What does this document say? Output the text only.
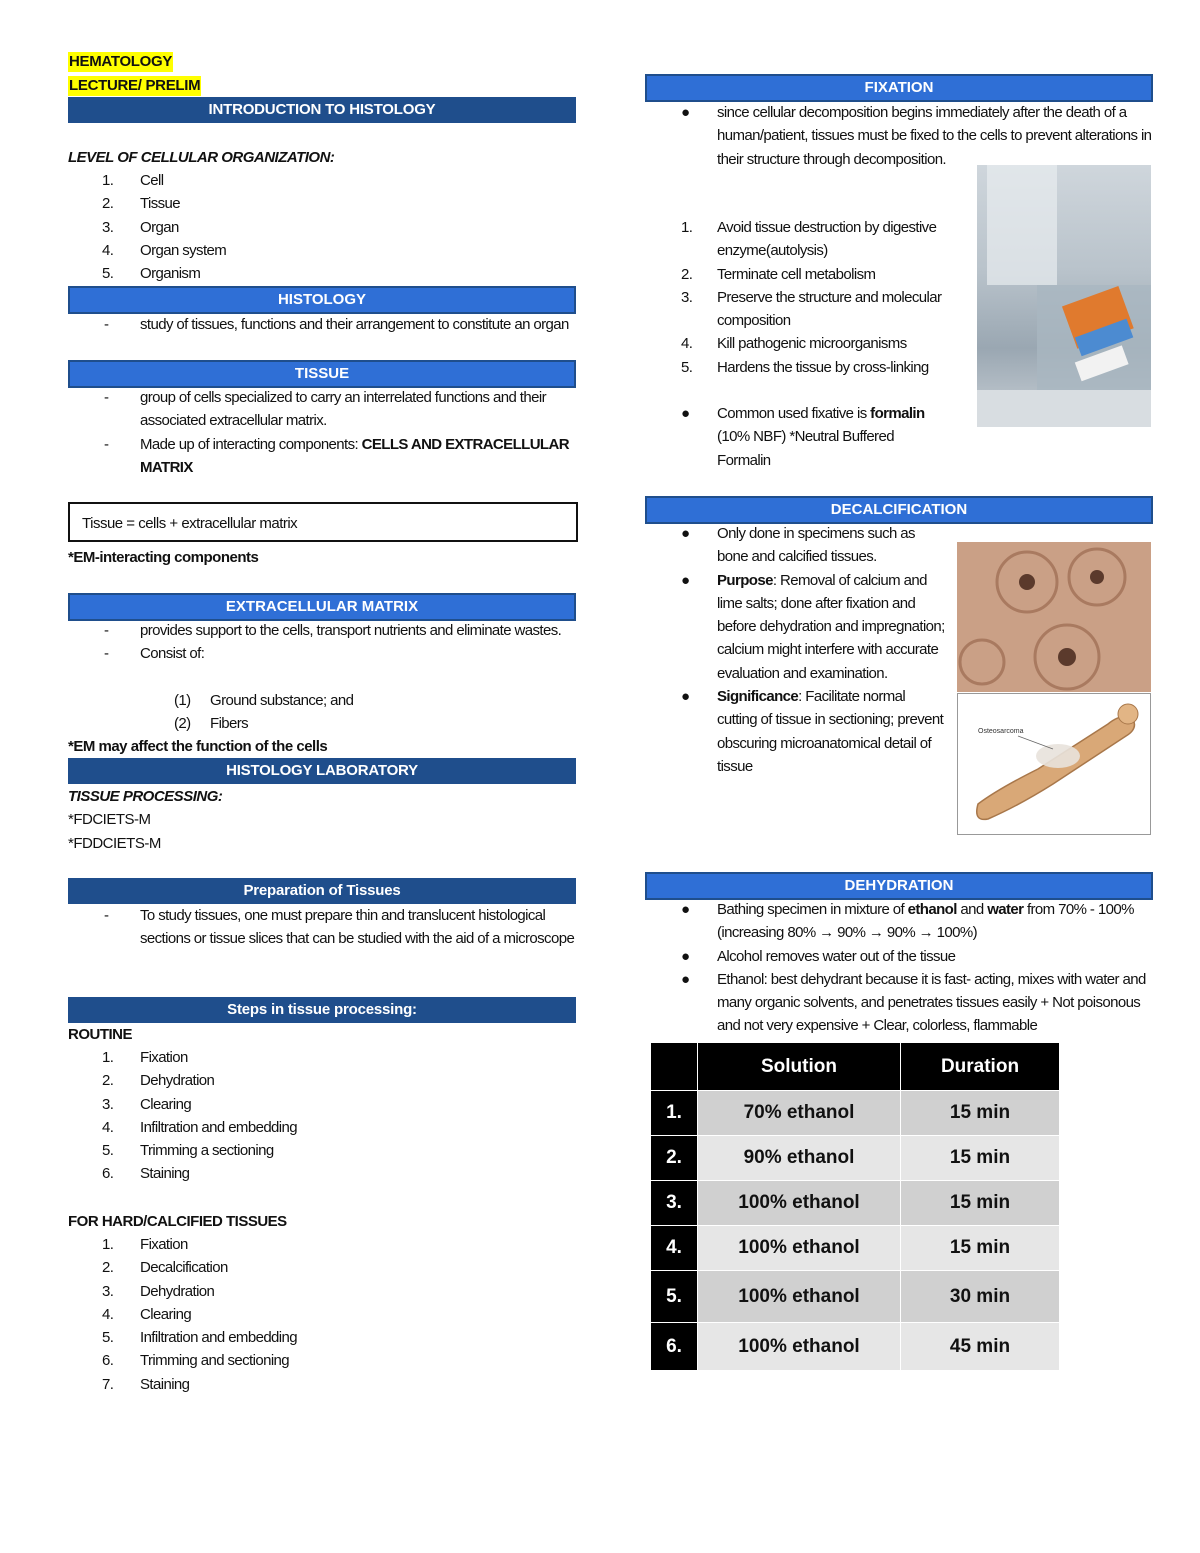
HEMATOLOGY
LECTURE/ PRELIM
INTRODUCTION TO HISTOLOGY
LEVEL OF CELLULAR ORGANIZATION:
1. Cell
2. Tissue
3. Organ
4. Organ system
5. Organism
HISTOLOGY
- study of tissues, functions and their arrangement to constitute an organ
TISSUE
- group of cells specialized to carry an interrelated functions and their associated extracellular matrix.
- Made up of interacting components: CELLS AND EXTRACELLULAR MATRIX
Tissue = cells + extracellular matrix
*EM-interacting components
EXTRACELLULAR MATRIX
- provides support to the cells, transport nutrients and eliminate wastes.
- Consist of:
(1) Ground substance; and
(2) Fibers
*EM may affect the function of the cells
HISTOLOGY LABORATORY
TISSUE PROCESSING:
*FDCIETS-M
*FDDCIETS-M
Preparation of Tissues
- To study tissues, one must prepare thin and translucent histological sections or tissue slices that can be studied with the aid of a microscope
Steps in tissue processing:
ROUTINE
1. Fixation
2. Dehydration
3. Clearing
4. Infiltration and embedding
5. Trimming a sectioning
6. Staining
FOR HARD/CALCIFIED TISSUES
1. Fixation
2. Decalcification
3. Dehydration
4. Clearing
5. Infiltration and embedding
6. Trimming and sectioning
7. Staining
FIXATION
● since cellular decomposition begins immediately after the death of a human/patient, tissues must be fixed to the cells to prevent alterations in their structure through decomposition.
1. Avoid tissue destruction by digestive enzyme(autolysis)
2. Terminate cell metabolism
3. Preserve the structure and molecular composition
4. Kill pathogenic microorganisms
5. Hardens the tissue by cross-linking
● Common used fixative is formalin (10% NBF) *Neutral Buffered Formalin
DECALCIFICATION
● Only done in specimens such as bone and calcified tissues.
● Purpose: Removal of calcium and lime salts; done after fixation and before dehydration and impregnation; calcium might interfere with accurate evaluation and examination.
● Significance: Facilitate normal cutting of tissue in sectioning; prevent obscuring microanatomical detail of tissue
Osteosarcoma
DEHYDRATION
● Bathing specimen in mixture of ethanol and water from 70% - 100% (increasing 80% → 90% → 90% → 100%)
● Alcohol removes water out of the tissue
● Ethanol: best dehydrant because it is fast- acting, mixes with water and many organic solvents, and penetrates tissues easily + Not poisonous and not very expensive + Clear, colorless, flammable
	Solution	Duration
1.	70% ethanol	15 min
2.	90% ethanol	15 min
3.	100% ethanol	15 min
4.	100% ethanol	15 min
5.	100% ethanol	30 min
6.	100% ethanol	45 min
